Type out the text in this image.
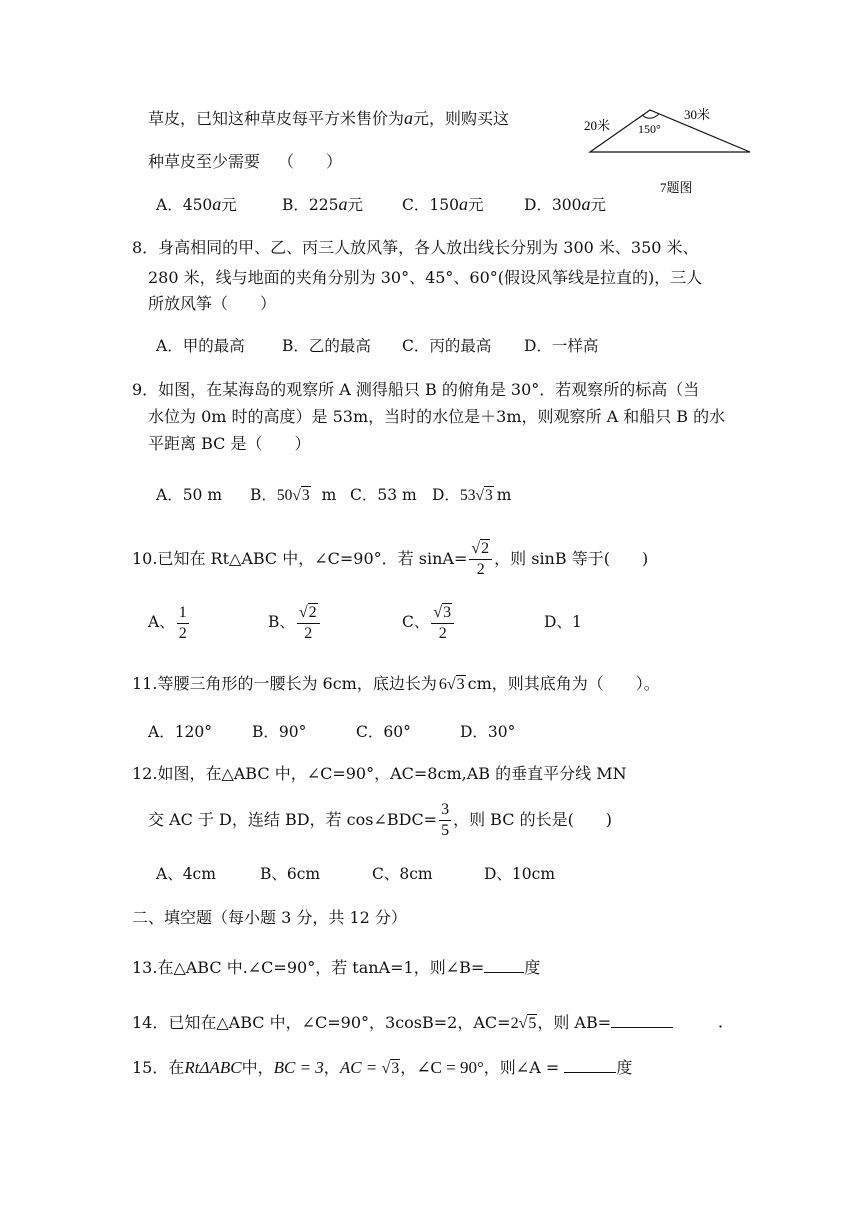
草皮，已知这种草皮每平方米售价为a元，则购买这
种草皮至少需要 （　　）
A．450a元	B．225a元	C．150a元	D．300a元
20米
30米
150°
7题图
8．身高相同的甲、乙、丙三人放风筝，各人放出线长分别为 300 米、350 米、
280 米，线与地面的夹角分别为 30°、45°、60°(假设风筝线是拉直的)，三人
所放风筝（　　）
A．甲的最高 B．乙的最高 C．丙的最高 D．一样高
9．如图，在某海岛的观察所 A 测得船只 B 的俯角是 30°．若观察所的标高（当
水位为 0m 时的高度）是 53m，当时的水位是＋3m，则观察所 A 和船只 B 的水
平距离 BC 是（　　）
A．50 m B．50√3 m C．53 m D．53√3 m
10.已知在 Rt△ABC 中，∠C=90°．若 $\sin A= \frac{√2}{2}$ ，则 sinB 等于(　　)
A、 $\frac{1}{2}$	B、 $\frac{√2}{2}$	C、 $\frac{√3}{2}$	D、1
11.等腰三角形的一腰长为 6cm，底边长为 6√3 cm，则其底角为（　　）。
A．120°	B．90°	C．60°	D．30°
12.如图，在△ABC 中，∠C=90°，AC=8cm,AB 的垂直平分线 MN
交 AC 于 D，连结 BD，若 cos∠BDC= $\frac{3}{5}$ ，则 BC 的长是(　　)
A、4cm	B、6cm	C、8cm	D、10cm
二、填空题（每小题 3 分，共 12 分）
13.在△ABC 中.∠C=90°，若 tanA=1，则∠B=	度
14．已知在△ABC 中，∠C=90°，3cosB=2，AC=2√5，则 AB=	．
15．在RtΔABC中，BC = 3，AC = √3，∠C = 90°，则∠A =	度
